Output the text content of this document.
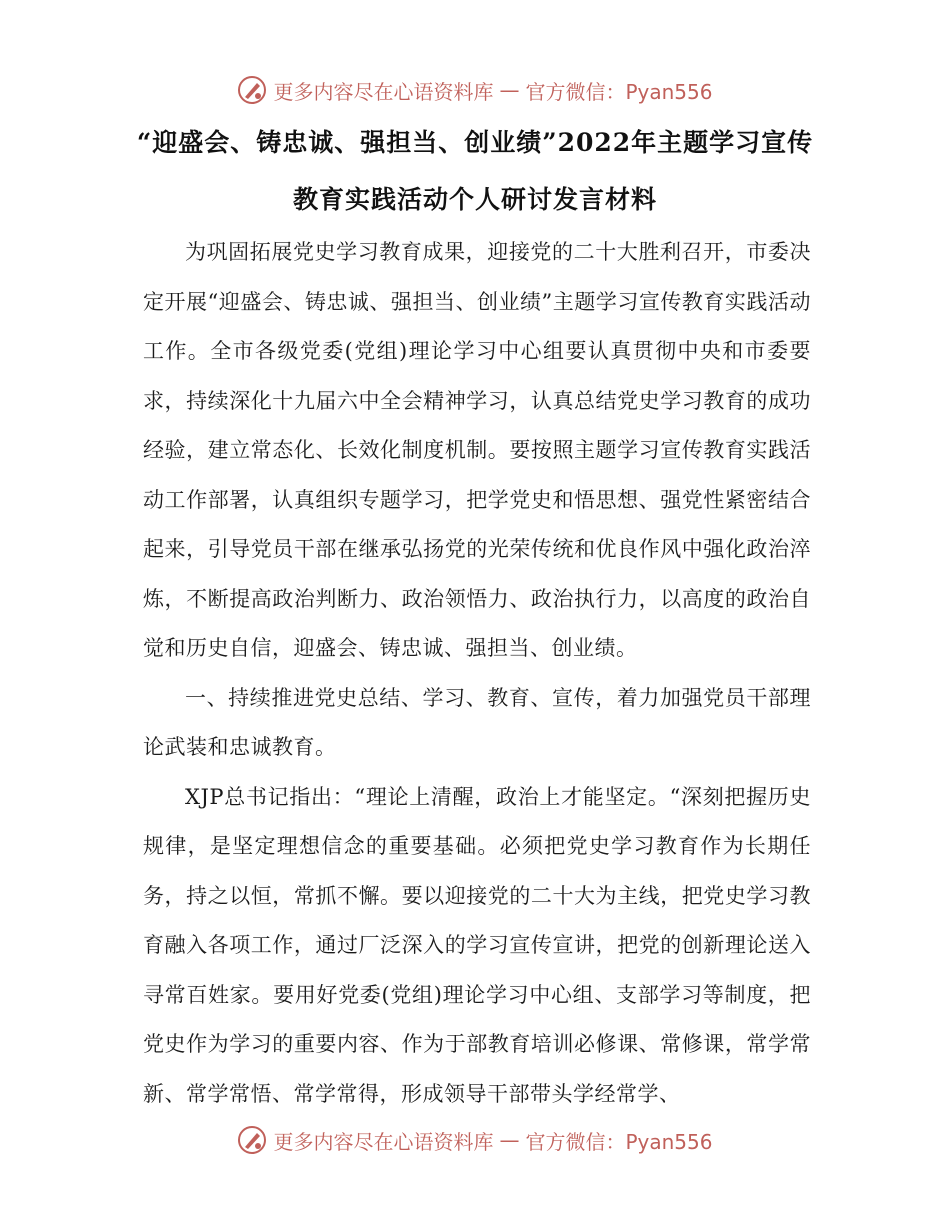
更多内容尽在心语资料库 — 官方微信：Pyan556
“迎盛会、铸忠诚、强担当、创业绩”2022年主题学习宣传
教育实践活动个人研讨发言材料

为巩固拓展党史学习教育成果，迎接党的二十大胜利召开，市委决定开展“迎盛会、铸忠诚、强担当、创业绩”主题学习宣传教育实践活动工作。全市各级党委(党组)理论学习中心组要认真贯彻中央和市委要求，持续深化十九届六中全会精神学习，认真总结党史学习教育的成功经验，建立常态化、长效化制度机制。要按照主题学习宣传教育实践活动工作部署，认真组织专题学习，把学党史和悟思想、强党性紧密结合起来，引导党员干部在继承弘扬党的光荣传统和优良作风中强化政治淬炼，不断提高政治判断力、政治领悟力、政治执行力，以高度的政治自觉和历史自信，迎盛会、铸忠诚、强担当、创业绩。

一、持续推进党史总结、学习、教育、宣传，着力加强党员干部理论武装和忠诚教育。

XJP总书记指出：“理论上清醒，政治上才能坚定。“深刻把握历史规律，是坚定理想信念的重要基础。必须把党史学习教育作为长期任务，持之以恒，常抓不懈。要以迎接党的二十大为主线，把党史学习教育融入各项工作，通过厂泛深入的学习宣传宣讲，把党的创新理论送入寻常百姓家。要用好党委(党组)理论学习中心组、支部学习等制度，把党史作为学习的重要内容、作为于部教育培训必修课、常修课，常学常新、常学常悟、常学常得，形成领导干部带头学经常学、

更多内容尽在心语资料库 — 官方微信：Pyan556
